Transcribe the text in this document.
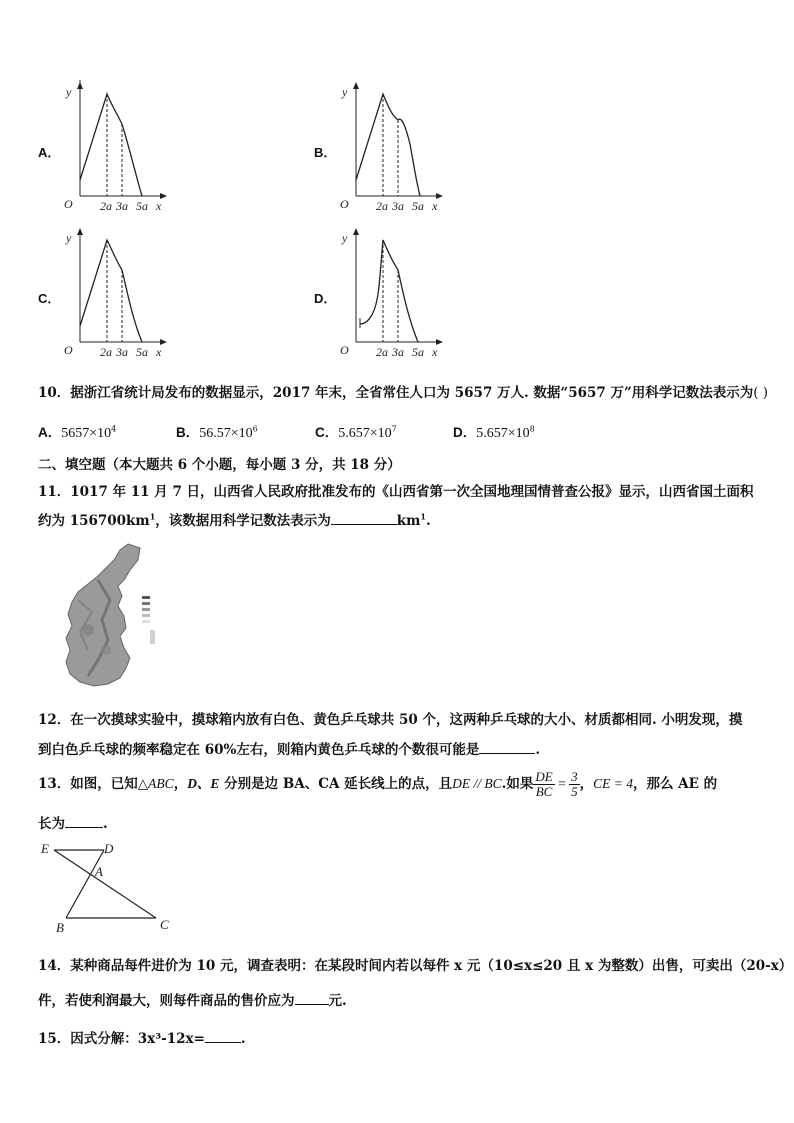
A．	B．
C．	D．
y
O 2a 3a 5a x
y
O 2a 3a 5a x
y
O 2a 3a 5a x
y
O 2a 3a 5a x
10．据浙江省统计局发布的数据显示，2017 年末，全省常住人口为 5657 万人. 数据“5657 万”用科学记数法表示为( )
A．$5657\times 10^4$	B．$56.57\times 10^6$	C．$5.657\times 10^7$	D．$5.657\times 10^8$
二、填空题（本大题共 6 个小题，每小题 3 分，共 18 分）
11．1017 年 11 月 7 日，山西省人民政府批准发布的《山西省第一次全国地理国情普查公报》显示，山西省国土面积
约为 $156700km^1$，该数据用科学记数法表示为	$km^1$.
12．在一次摸球实验中，摸球箱内放有白色、黄色乒乓球共 50 个，这两种乒乓球的大小、材质都相同. 小明发现，摸
到白色乒乓球的频率稳定在 60%左右，则箱内黄色乒乓球的个数很可能是	.
13．如图，已知△ABC，D、E 分别是边 BA、CA 延长线上的点，且DE // BC.如果 $\frac{DE}{BC} = \frac{3}{5}$ ，CE = 4，那么 AE 的
长为	.
E	D
A
B	C
14．某种商品每件进价为 10 元，调查表明：在某段时间内若以每件 x 元（10≤x≤20 且 x 为整数）出售，可卖出（20-x）
件，若使利润最大，则每件商品的售价应为	元.
15．因式分解：3x³-12x=	.
